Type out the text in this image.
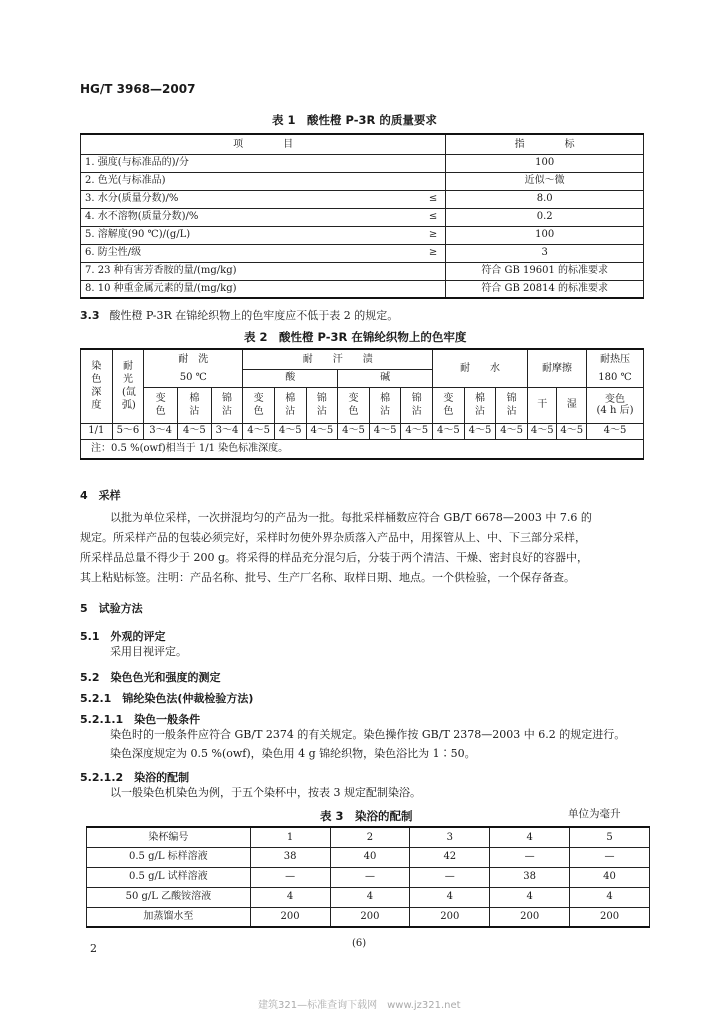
HG/T 3968—2007
表 1　酸性橙 P-3R 的质量要求
项　　　　目		指　　　　标
1. 强度(与标准品的)/分		100
2. 色光(与标准品)		近似～微
3. 水分(质量分数)/%	≤	8.0
4. 水不溶物(质量分数)/%	≤	0.2
5. 溶解度(90 ℃)/(g/L)	≥	100
6. 防尘性/级	≥	3
7. 23 种有害芳香胺的量/(mg/kg)		符合 GB 19601 的标准要求
8. 10 种重金属元素的量/(mg/kg)		符合 GB 20814 的标准要求
3.3 酸性橙 P-3R 在锦纶织物上的色牢度应不低于表 2 的规定。
表 2　酸性橙 P-3R 在锦纶织物上的色牢度
染色深度	耐光(氙弧)	耐　洗			耐　　汗　　渍						耐　　水			耐摩擦		耐热压
		50 ℃			酸			碱								180 ℃
		变色	棉沾	锦沾	变色	棉沾	锦沾	变色	棉沾	锦沾	变色	棉沾	锦沾	干	湿	变色
(4 h 后)

1/1	5～6	3～4	4～5	3～4	4～5	4～5	4～5	4～5	4～5	4～5	4～5	4～5	4～5	4～5	4～5	4～5
注：0.5 %(owf)相当于 1/1 染色标准深度。																
4　采样
以批为单位采样，一次拼混均匀的产品为一批。每批采样桶数应符合 GB/T 6678—2003 中 7.6 的
规定。所采样产品的包装必须完好，采样时勿使外界杂质落入产品中，用探管从上、中、下三部分采样，
所采样品总量不得少于 200 g。将采得的样品充分混匀后，分装于两个清洁、干燥、密封良好的容器中，
其上粘贴标签。注明：产品名称、批号、生产厂名称、取样日期、地点。一个供检验，一个保存备查。
5　试验方法
5.1　外观的评定
采用目视评定。
5.2　染色色光和强度的测定
5.2.1　锦纶染色法(仲裁检验方法)
5.2.1.1　染色一般条件
染色时的一般条件应符合 GB/T 2374 的有关规定。染色操作按 GB/T 2378—2003 中 6.2 的规定进行。
染色深度规定为 0.5 %(owf)，染色用 4 g 锦纶织物，染色浴比为 1∶50。
5.2.1.2　染浴的配制
以一般染色机染色为例，于五个染杯中，按表 3 规定配制染浴。
表 3　染浴的配制	单位为毫升
染杯编号	1	2	3	4	5
0.5 g/L 标样溶液	38	40	42	—	—
0.5 g/L 试样溶液	—	—	—	38	40
50 g/L 乙酸铵溶液	4	4	4	4	4
加蒸馏水至	200	200	200	200	200
2	(6)
建筑321—标准查询下载网　www.jz321.net
